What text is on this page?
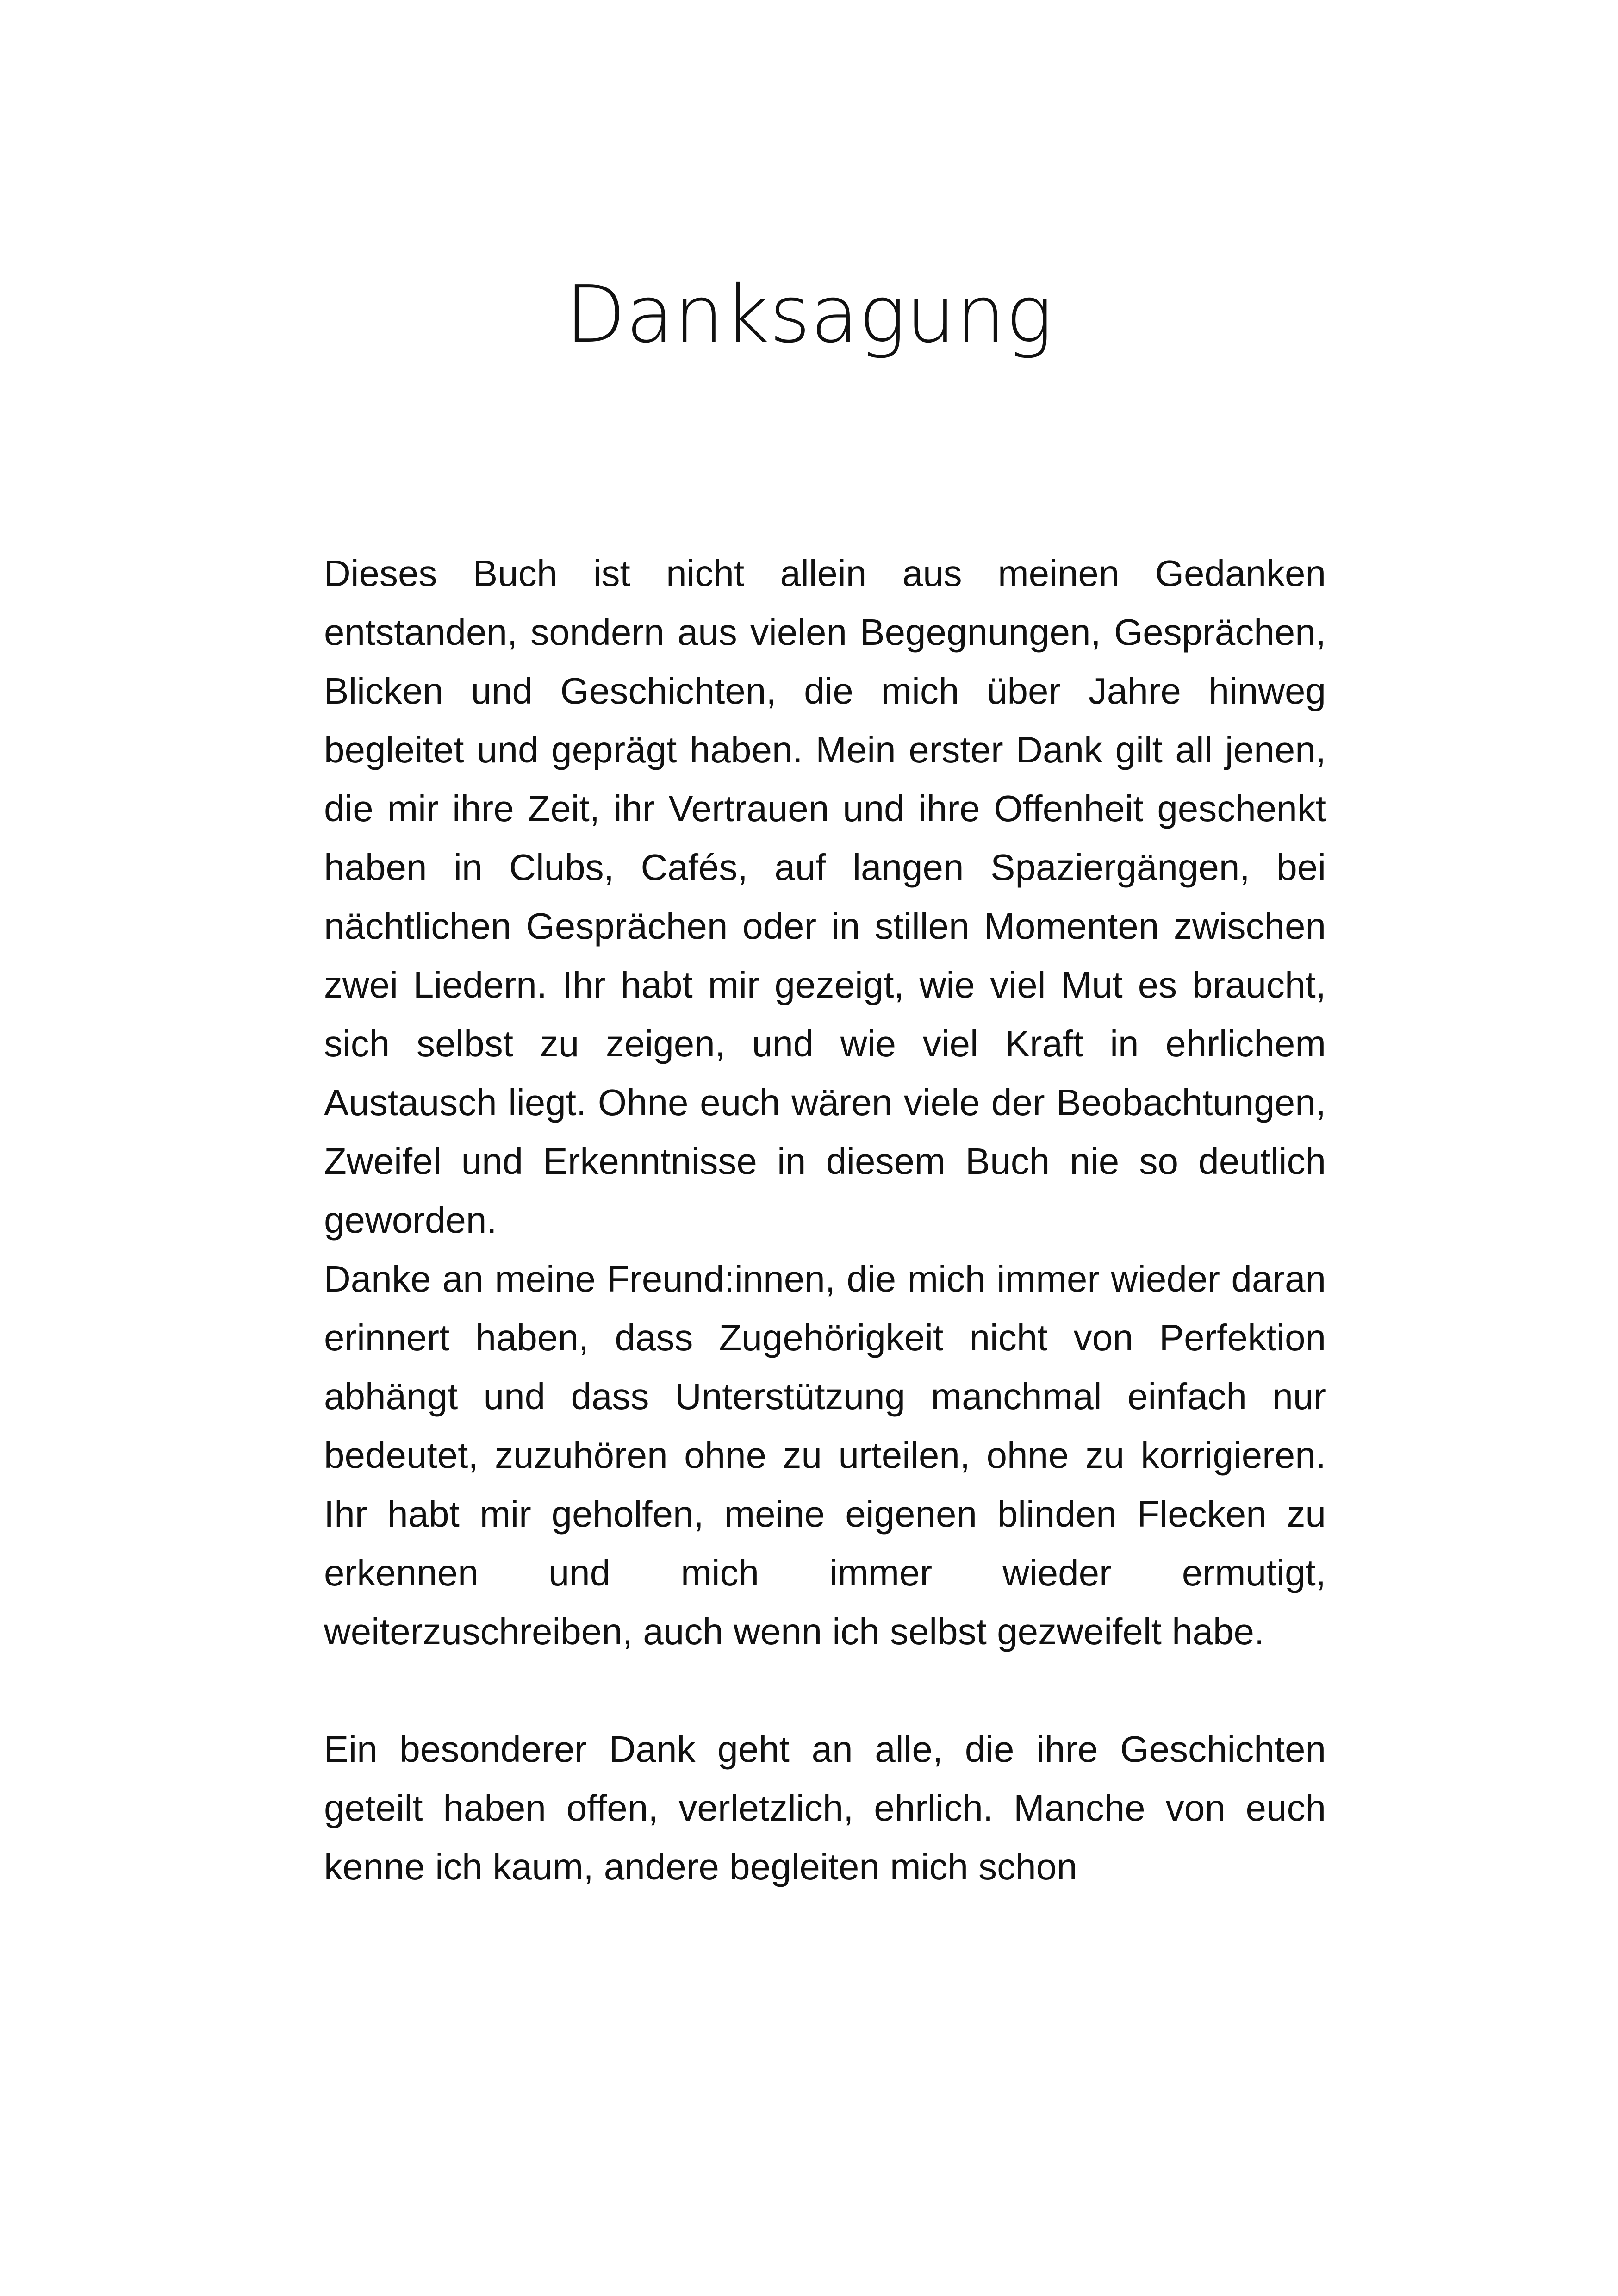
Danksagung

Dieses Buch ist nicht allein aus meinen Gedanken entstanden, sondern aus vielen Begegnungen, Gesprächen, Blicken und Geschichten, die mich über Jahre hinweg begleitet und geprägt haben. Mein erster Dank gilt all jenen, die mir ihre Zeit, ihr Vertrauen und ihre Offenheit geschenkt haben in Clubs, Cafés, auf langen Spaziergängen, bei nächtlichen Gesprächen oder in stillen Momenten zwischen zwei Liedern. Ihr habt mir gezeigt, wie viel Mut es braucht, sich selbst zu zeigen, und wie viel Kraft in ehrlichem Austausch liegt. Ohne euch wären viele der Beobachtungen, Zweifel und Erkenntnisse in diesem Buch nie so deutlich geworden.

Danke an meine Freund:innen, die mich immer wieder daran erinnert haben, dass Zugehörigkeit nicht von Perfektion abhängt und dass Unterstützung manchmal einfach nur bedeutet, zuzuhören ohne zu urteilen, ohne zu korrigieren. Ihr habt mir geholfen, meine eigenen blinden Flecken zu erkennen und mich immer wieder ermutigt, weiterzuschreiben, auch wenn ich selbst gezweifelt habe.

Ein besonderer Dank geht an alle, die ihre Geschichten geteilt haben offen, verletzlich, ehrlich. Manche von euch kenne ich kaum, andere begleiten mich schon
